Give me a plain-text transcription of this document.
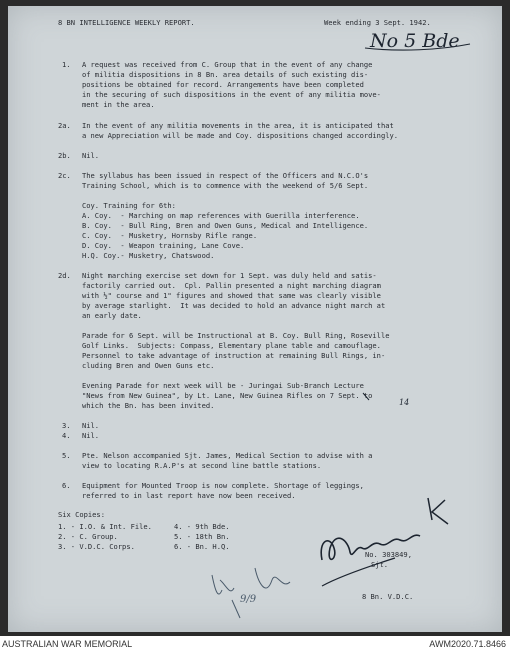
8 BN INTELLIGENCE WEEKLY REPORT.	Week ending 3 Sept. 1942.
No 5 Bde
1. A request was received from C. Group that in the event of any change
of militia dispositions in 8 Bn. area details of such existing dis-
positions be obtained for record. Arrangements have been completed
in the securing of such dispositions in the event of any militia move-
ment in the area.
2a. In the event of any militia movements in the area, it is anticipated that
a new Appreciation will be made and Coy. dispositions changed accordingly.
2b. Nil.
2c. The syllabus has been issued in respect of the Officers and N.C.O's
Training School, which is to commence with the weekend of 5/6 Sept.
Coy. Training for 6th:
A. Coy.  - Marching on map references with Guerilla interference.
B. Coy.  - Bull Ring, Bren and Owen Guns, Medical and Intelligence.
C. Coy.  - Musketry, Hornsby Rifle range.
D. Coy.  - Weapon training, Lane Cove.
H.Q. Coy.- Musketry, Chatswood.
2d. Night marching exercise set down for 1 Sept. was duly held and satis-
factorily carried out.  Cpl. Pallin presented a night marching diagram
with ½" course and 1" figures and showed that same was clearly visible
by average starlight.  It was decided to hold an advance night march at
an early date.
Parade for 6 Sept. will be Instructional at B. Coy. Bull Ring, Roseville
Golf Links.  Subjects: Compass, Elementary plane table and camouflage.
Personnel to take advantage of instruction at remaining Bull Rings, in-
cluding Bren and Owen Guns etc.
Evening Parade for next week will be - Juringai Sub-Branch Lecture
"News from New Guinea", by Lt. Lane, New Guinea Rifles on 7 Sept. to
which the Bn. has been invited.	14
3. Nil.
4. Nil.
5. Pte. Nelson accompanied Sjt. James, Medical Section to advise with a
view to locating R.A.P's at second line battle stations.
6. Equipment for Mounted Troop is now complete. Shortage of leggings,
referred to in last report have now been received.
Six Copies:
1. - I.O. & Int. File.
2. - C. Group.
3. - V.D.C. Corps.
4. - 9th Bde.
5. - 18th Bn.
6. - Bn. H.Q.
No. 303849,
Sjt.
8 Bn. V.D.C.
9/9
AUSTRALIAN WAR MEMORIAL	AWM2020.71.8466
